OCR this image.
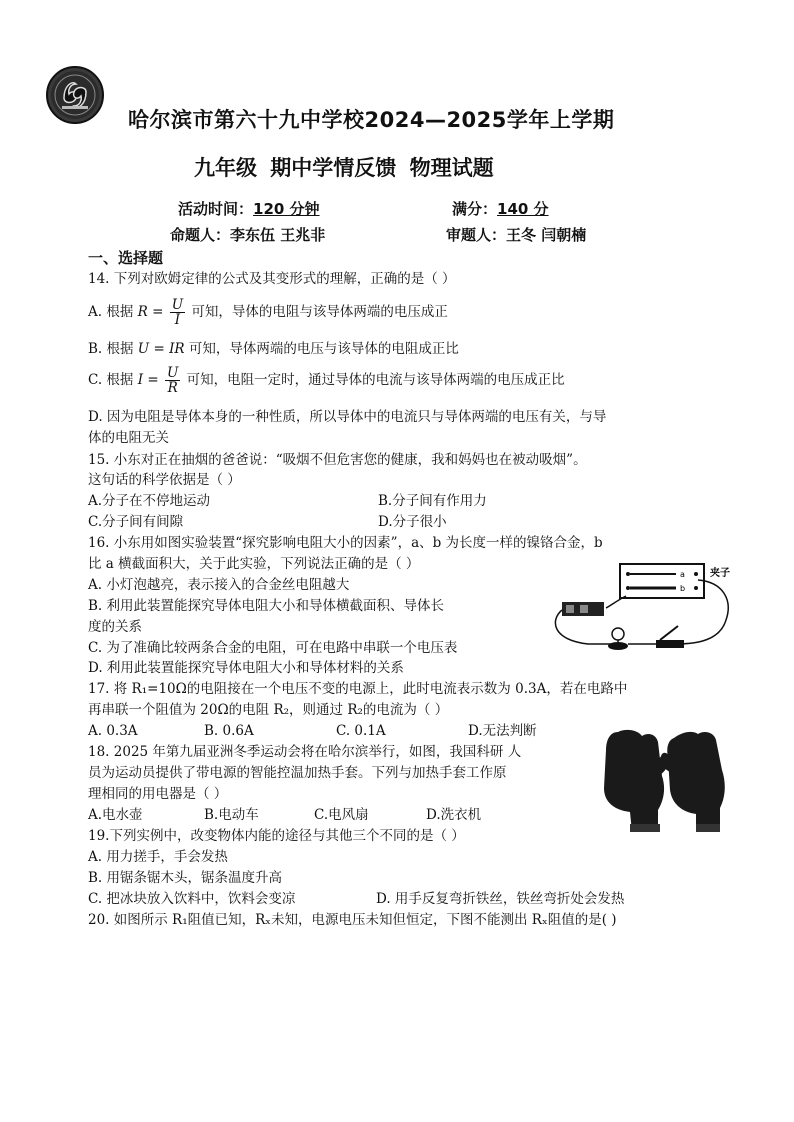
哈尔滨市第六十九中学校2024—2025学年上学期
九年级 期中学情反馈 物理试题
活动时间：120 分钟	满分：140 分
命题人：李东伍 王兆非	审题人：王冬 闫朝楠
一、选择题
14. 下列对欧姆定律的公式及其变形式的理解，正确的是（ ）
A. 根据 $R = \frac{U}{I}$ 可知，导体的电阻与该导体两端的电压成正
B. 根据 U = IR 可知，导体两端的电压与该导体的电阻成正比
C. 根据 $I = \frac{U}{R}$ 可知，电阻一定时，通过导体的电流与该导体两端的电压成正比
D. 因为电阻是导体本身的一种性质，所以导体中的电流只与导体两端的电压有关，与导
体的电阻无关
15. 小东对正在抽烟的爸爸说：“吸烟不但危害您的健康，我和妈妈也在被动吸烟”。
这句话的科学依据是（ ）
A.分子在不停地运动	B.分子间有作用力
C.分子间有间隙	D.分子很小
16. 小东用如图实验装置“探究影响电阻大小的因素”，a、b 为长度一样的镍铬合金，b
比 a 横截面积大，关于此实验，下列说法正确的是（ ）
A. 小灯泡越亮，表示接入的合金丝电阻越大
B. 利用此装置能探究导体电阻大小和导体横截面积、导体长
度的关系
C. 为了准确比较两条合金的电阻，可在电路中串联一个电压表
D. 利用此装置能探究导体电阻大小和导体材料的关系
a
b
夹子
17. 将 R₁=10Ω的电阻接在一个电压不变的电源上，此时电流表示数为 0.3A，若在电路中
再串联一个阻值为 20Ω的电阻 R₂，则通过 R₂的电流为（ ）
A. 0.3A	B. 0.6A	C. 0.1A	D.无法判断
18. 2025 年第九届亚洲冬季运动会将在哈尔滨举行，如图，我国科研 人
员为运动员提供了带电源的智能控温加热手套。下列与加热手套工作原
理相同的用电器是（ ）
A.电水壶	B.电动车	C.电风扇	D.洗衣机
19.下列实例中，改变物体内能的途径与其他三个不同的是（ ）
A. 用力搓手，手会发热
B. 用锯条锯木头，锯条温度升高
C. 把冰块放入饮料中，饮料会变凉	D. 用手反复弯折铁丝，铁丝弯折处会发热
20. 如图所示 R₁阻值已知，Rₓ未知，电源电压未知但恒定，下图不能测出 Rₓ阻值的是( )
